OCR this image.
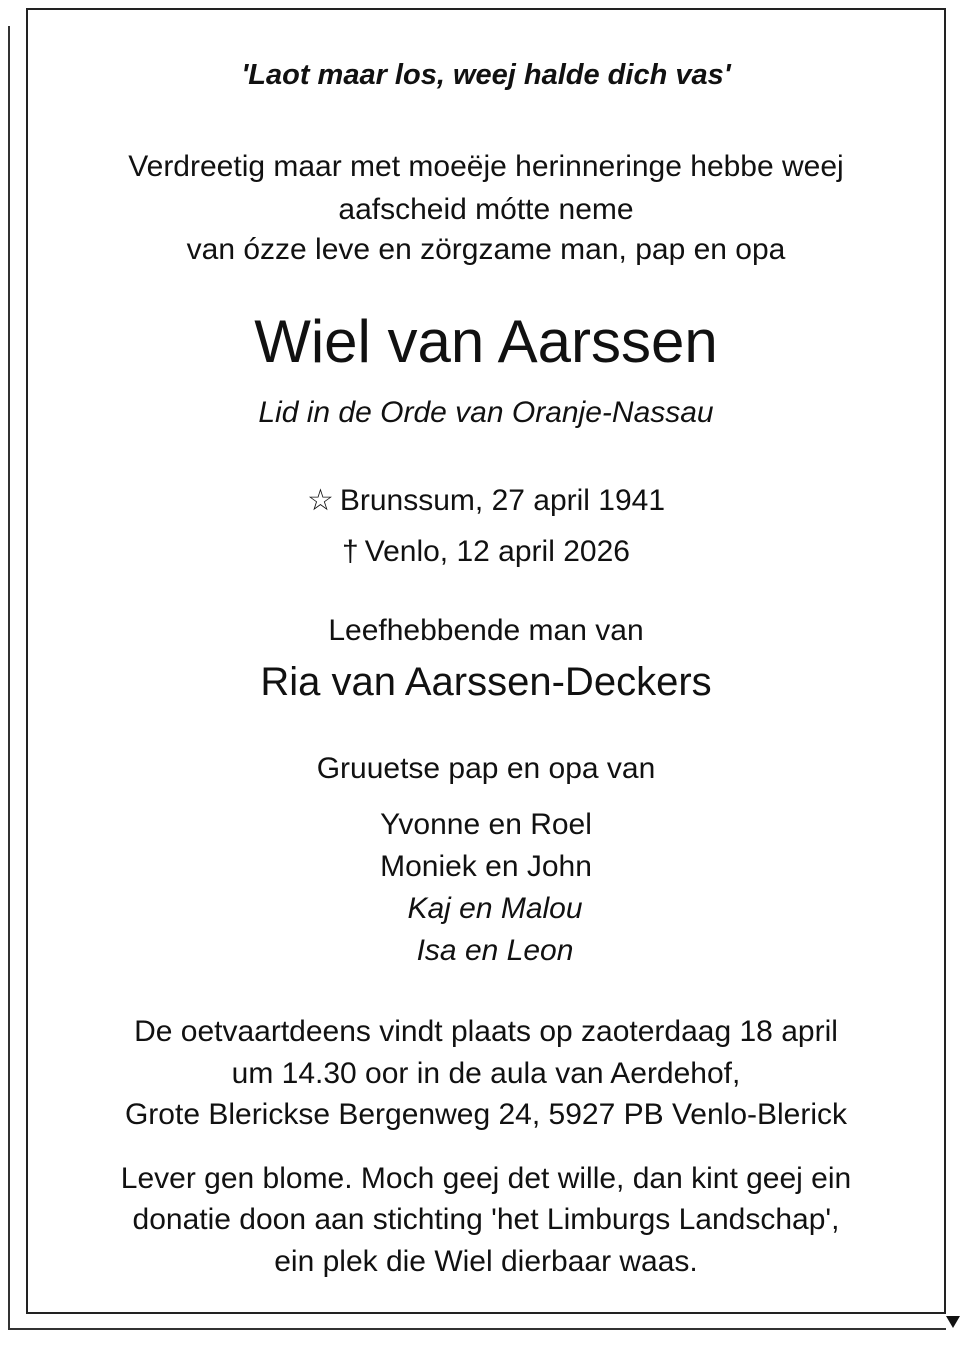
'Laot maar los, weej halde dich vas'
Verdreetig maar met moeëje herinneringe hebbe weej
aafscheid mótte neme
van ózze leve en zörgzame man, pap en opa
Wiel van Aarssen
Lid in de Orde van Oranje-Nassau
☆ Brunssum, 27 april 1941
† Venlo, 12 april 2026
Leefhebbende man van
Ria van Aarssen-Deckers
Gruuetse pap en opa van
Yvonne en Roel
Moniek en John
Kaj en Malou
Isa en Leon
De oetvaartdeens vindt plaats op zaoterdaag 18 april
um 14.30 oor in de aula van Aerdehof,
Grote Blerickse Bergenweg 24, 5927 PB Venlo-Blerick
Lever gen blome. Moch geej det wille, dan kint geej ein
donatie doon aan stichting 'het Limburgs Landschap',
ein plek die Wiel dierbaar waas.
